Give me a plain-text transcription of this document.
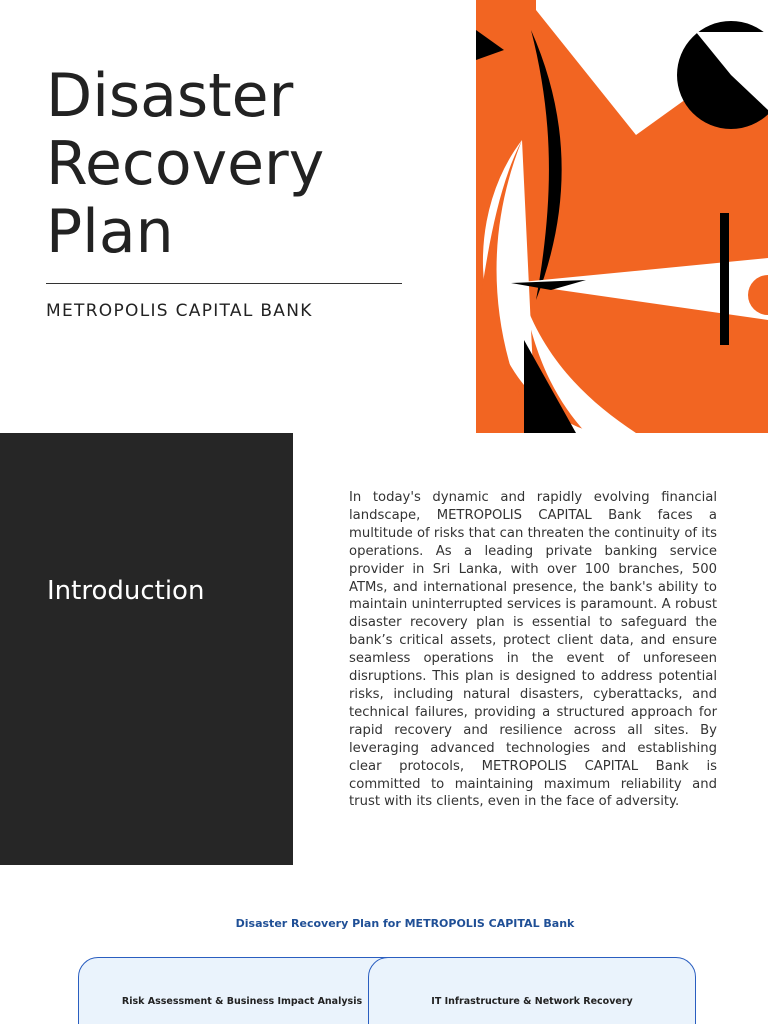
Disaster
Recovery
Plan
METROPOLIS CAPITAL BANK
Introduction

In today's dynamic and rapidly evolving financial landscape, METROPOLIS CAPITAL Bank faces a multitude of risks that can threaten the continuity of its operations. As a leading private banking service provider in Sri Lanka, with over 100 branches, 500 ATMs, and international presence, the bank's ability to maintain uninterrupted services is paramount. A robust disaster recovery plan is essential to safeguard the bank’s critical assets, protect client data, and ensure seamless operations in the event of unforeseen disruptions. This plan is designed to address potential risks, including natural disasters, cyberattacks, and technical failures, providing a structured approach for rapid recovery and resilience across all sites. By leveraging advanced technologies and establishing clear protocols, METROPOLIS CAPITAL Bank is committed to maintaining maximum reliability and trust with its clients, even in the face of adversity.

Disaster Recovery Plan for METROPOLIS CAPITAL Bank
Risk Assessment & Business Impact Analysis	IT Infrastructure & Network Recovery
